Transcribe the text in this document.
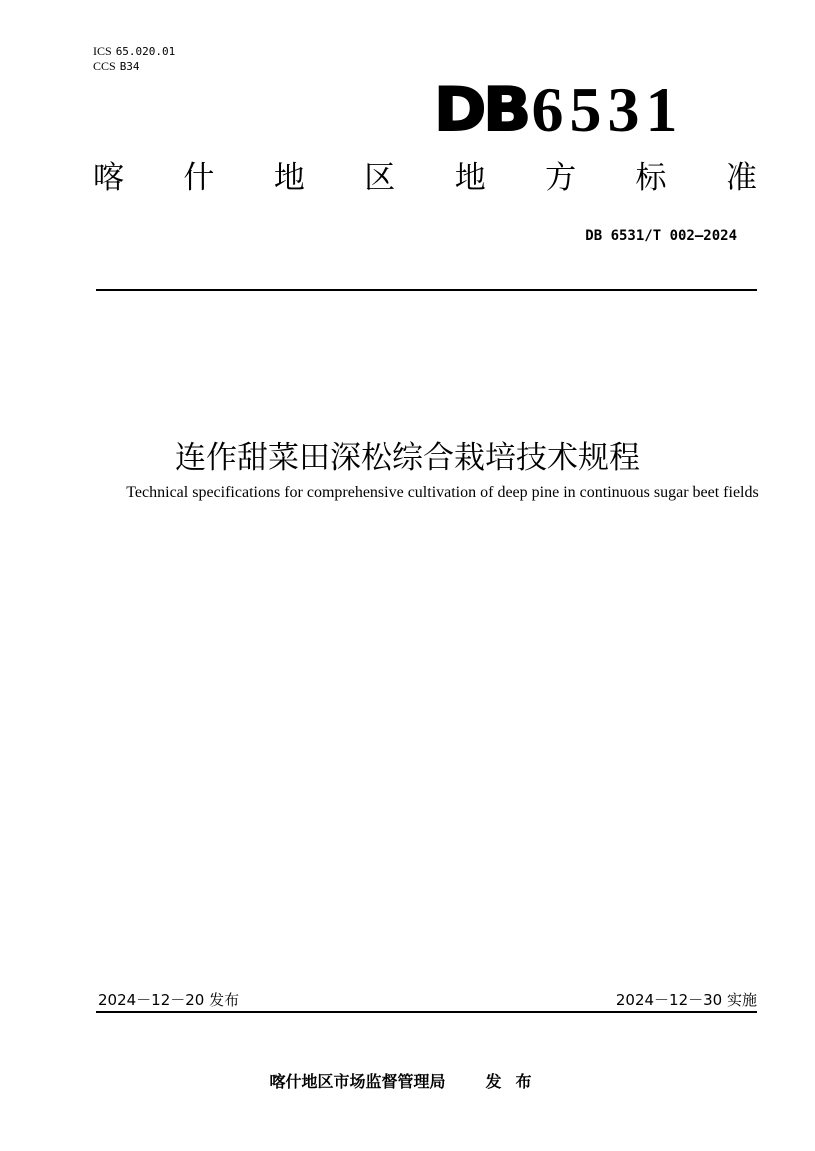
ICS 65.020.01
CCS B34
DB 6531
喀 什 地 区 地 方 标 准
DB 6531/T 002—2024
连作甜菜田深松综合栽培技术规程
Technical specifications for comprehensive cultivation of deep pine in continuous sugar beet fields
2024－12－20 发布	2024－12－30 实施
喀什地区市场监督管理局	发布
